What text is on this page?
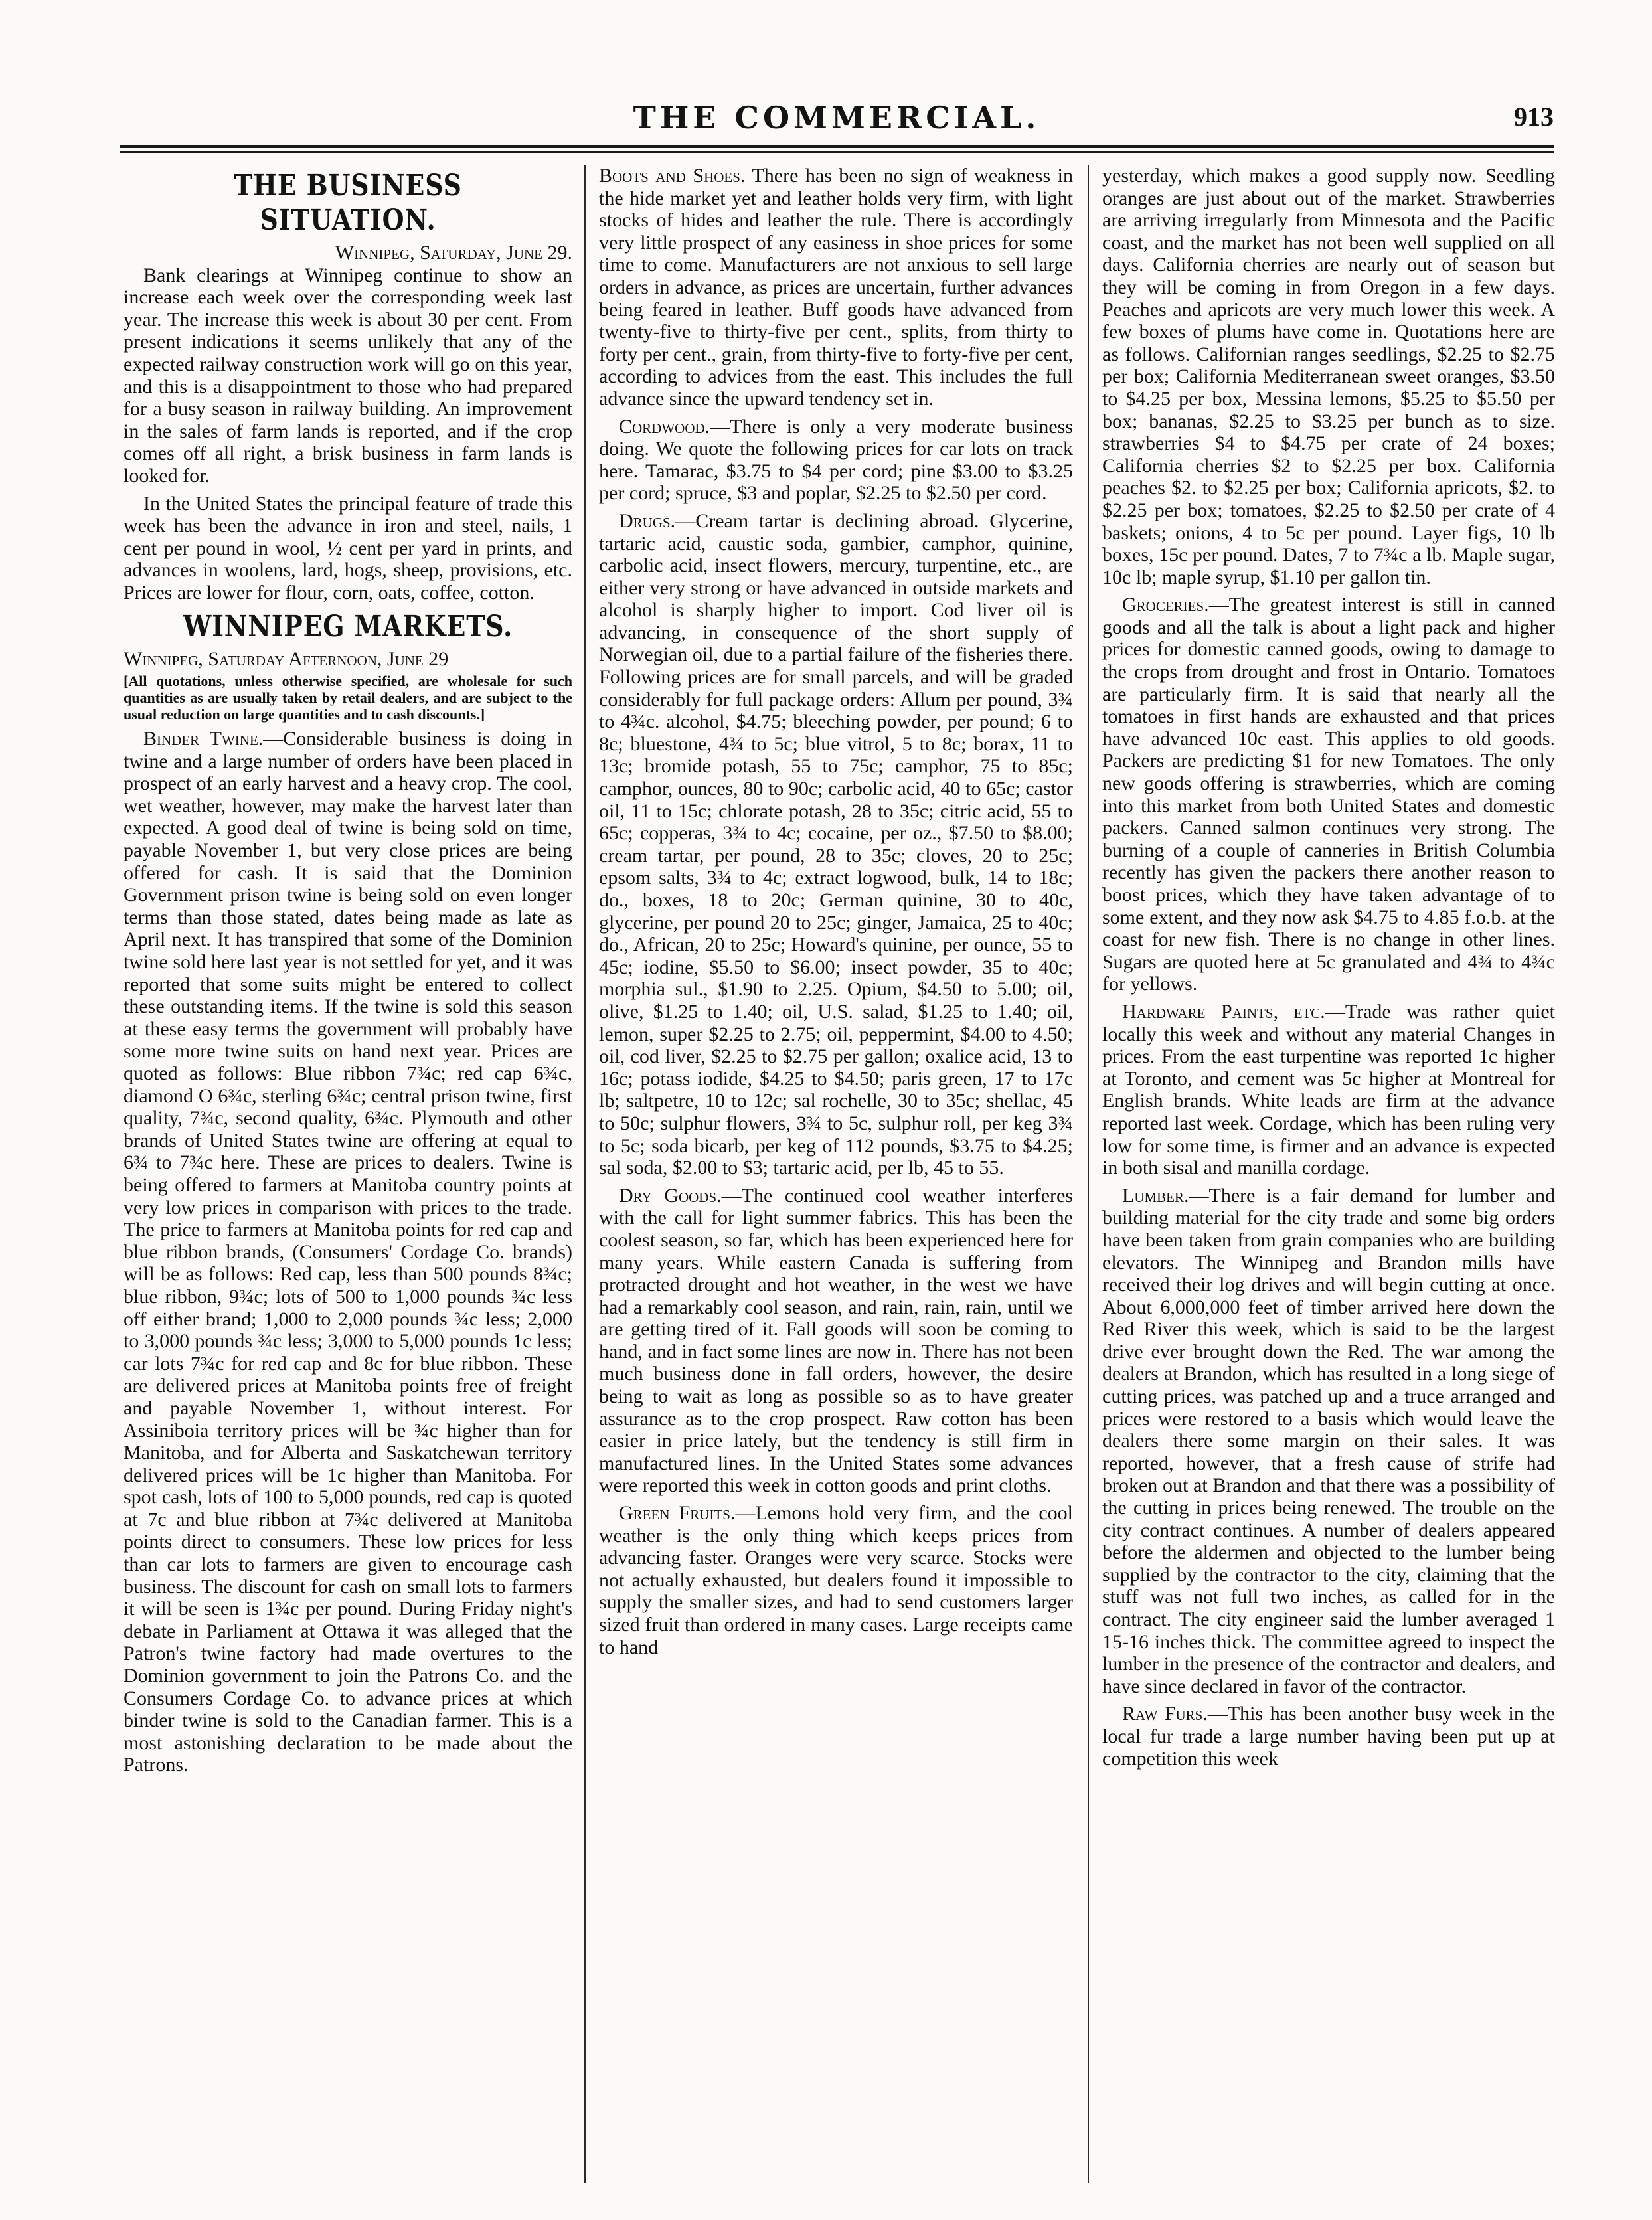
THE COMMERCIAL.	913
THE BUSINESS SITUATION.
Winnipeg, Saturday, June 29.

Bank clearings at Winnipeg continue to show an increase each week over the corresponding week last year. The increase this week is about 30 per cent. From present indications it seems unlikely that any of the expected railway construction work will go on this year, and this is a disappointment to those who had prepared for a busy season in railway building. An improvement in the sales of farm lands is reported, and if the crop comes off all right, a brisk business in farm lands is looked for.

In the United States the principal feature of trade this week has been the advance in iron and steel, nails, 1 cent per pound in wool, ½ cent per yard in prints, and advances in woolens, lard, hogs, sheep, provisions, etc. Prices are lower for flour, corn, oats, coffee, cotton.

WINNIPEG MARKETS.
Winnipeg, Saturday Afternoon, June 29
[All quotations, unless otherwise specified, are wholesale for such quantities as are usually taken by retail dealers, and are subject to the usual reduction on large quantities and to cash discounts.]

Binder Twine.—Considerable business is doing in twine and a large number of orders have been placed in prospect of an early harvest and a heavy crop. The cool, wet weather, however, may make the harvest later than expected. A good deal of twine is being sold on time, payable November 1, but very close prices are being offered for cash. It is said that the Dominion Government prison twine is being sold on even longer terms than those stated, dates being made as late as April next. It has transpired that some of the Dominion twine sold here last year is not settled for yet, and it was reported that some suits might be entered to collect these outstanding items. If the twine is sold this season at these easy terms the government will probably have some more twine suits on hand next year. Prices are quoted as follows: Blue ribbon 7¾c; red cap 6¾c, diamond O 6¾c, sterling 6¾c; central prison twine, first quality, 7¾c, second quality, 6¾c. Plymouth and other brands of United States twine are offering at equal to 6¾ to 7¾c here. These are prices to dealers. Twine is being offered to farmers at Manitoba country points at very low prices in comparison with prices to the trade. The price to farmers at Manitoba points for red cap and blue ribbon brands, (Consumers' Cordage Co. brands) will be as follows: Red cap, less than 500 pounds 8¾c; blue ribbon, 9¾c; lots of 500 to 1,000 pounds ¾c less off either brand; 1,000 to 2,000 pounds ¾c less; 2,000 to 3,000 pounds ¾c less; 3,000 to 5,000 pounds 1c less; car lots 7¾c for red cap and 8c for blue ribbon. These are delivered prices at Manitoba points free of freight and payable November 1, without interest. For Assiniboia territory prices will be ¾c higher than for Manitoba, and for Alberta and Saskatchewan territory delivered prices will be 1c higher than Manitoba. For spot cash, lots of 100 to 5,000 pounds, red cap is quoted at 7c and blue ribbon at 7¾c delivered at Manitoba points direct to consumers. These low prices for less than car lots to farmers are given to encourage cash business. The discount for cash on small lots to farmers it will be seen is 1¾c per pound. During Friday night's debate in Parliament at Ottawa it was alleged that the Patron's twine factory had made overtures to the Dominion government to join the Patrons Co. and the Consumers Cordage Co. to advance prices at which binder twine is sold to the Canadian farmer. This is a most astonishing declaration to be made about the Patrons.

Boots and Shoes. There has been no sign of weakness in the hide market yet and leather holds very firm, with light stocks of hides and leather the rule. There is accordingly very little prospect of any easiness in shoe prices for some time to come. Manufacturers are not anxious to sell large orders in advance, as prices are uncertain, further advances being feared in leather. Buff goods have advanced from twenty-five to thirty-five per cent., splits, from thirty to forty per cent., grain, from thirty-five to forty-five per cent, according to advices from the east. This includes the full advance since the upward tendency set in.

Cordwood.—There is only a very moderate business doing. We quote the following prices for car lots on track here. Tamarac, $3.75 to $4 per cord; pine $3.00 to $3.25 per cord; spruce, $3 and poplar, $2.25 to $2.50 per cord.

Drugs.—Cream tartar is declining abroad. Glycerine, tartaric acid, caustic soda, gambier, camphor, quinine, carbolic acid, insect flowers, mercury, turpentine, etc., are either very strong or have advanced in outside markets and alcohol is sharply higher to import. Cod liver oil is advancing, in consequence of the short supply of Norwegian oil, due to a partial failure of the fisheries there. Following prices are for small parcels, and will be graded considerably for full package orders: Allum per pound, 3¾ to 4¾c. alcohol, $4.75; bleeching powder, per pound; 6 to 8c; bluestone, 4¾ to 5c; blue vitrol, 5 to 8c; borax, 11 to 13c; bromide potash, 55 to 75c; camphor, 75 to 85c; camphor, ounces, 80 to 90c; carbolic acid, 40 to 65c; castor oil, 11 to 15c; chlorate potash, 28 to 35c; citric acid, 55 to 65c; copperas, 3¾ to 4c; cocaine, per oz., $7.50 to $8.00; cream tartar, per pound, 28 to 35c; cloves, 20 to 25c; epsom salts, 3¾ to 4c; extract logwood, bulk, 14 to 18c; do., boxes, 18 to 20c; German quinine, 30 to 40c, glycerine, per pound 20 to 25c; ginger, Jamaica, 25 to 40c; do., African, 20 to 25c; Howard's quinine, per ounce, 55 to 45c; iodine, $5.50 to $6.00; insect powder, 35 to 40c; morphia sul., $1.90 to 2.25. Opium, $4.50 to 5.00; oil, olive, $1.25 to 1.40; oil, U.S. salad, $1.25 to 1.40; oil, lemon, super $2.25 to 2.75; oil, peppermint, $4.00 to 4.50; oil, cod liver, $2.25 to $2.75 per gallon; oxalice acid, 13 to 16c; potass iodide, $4.25 to $4.50; paris green, 17 to 17c lb; saltpetre, 10 to 12c; sal rochelle, 30 to 35c; shellac, 45 to 50c; sulphur flowers, 3¾ to 5c, sulphur roll, per keg 3¾ to 5c; soda bicarb, per keg of 112 pounds, $3.75 to $4.25; sal soda, $2.00 to $3; tartaric acid, per lb, 45 to 55.

Dry Goods.—The continued cool weather interferes with the call for light summer fabrics. This has been the coolest season, so far, which has been experienced here for many years. While eastern Canada is suffering from protracted drought and hot weather, in the west we have had a remarkably cool season, and rain, rain, rain, until we are getting tired of it. Fall goods will soon be coming to hand, and in fact some lines are now in. There has not been much business done in fall orders, however, the desire being to wait as long as possible so as to have greater assurance as to the crop prospect. Raw cotton has been easier in price lately, but the tendency is still firm in manufactured lines. In the United States some advances were reported this week in cotton goods and print cloths.

Green Fruits.—Lemons hold very firm, and the cool weather is the only thing which keeps prices from advancing faster. Oranges were very scarce. Stocks were not actually exhausted, but dealers found it impossible to supply the smaller sizes, and had to send customers larger sized fruit than ordered in many cases. Large receipts came to hand

yesterday, which makes a good supply now. Seedling oranges are just about out of the market. Strawberries are arriving irregularly from Minnesota and the Pacific coast, and the market has not been well supplied on all days. California cherries are nearly out of season but they will be coming in from Oregon in a few days. Peaches and apricots are very much lower this week. A few boxes of plums have come in. Quotations here are as follows. Californian ranges seedlings, $2.25 to $2.75 per box; California Mediterranean sweet oranges, $3.50 to $4.25 per box, Messina lemons, $5.25 to $5.50 per box; bananas, $2.25 to $3.25 per bunch as to size. strawberries $4 to $4.75 per crate of 24 boxes; California cherries $2 to $2.25 per box. California peaches $2. to $2.25 per box; California apricots, $2. to $2.25 per box; tomatoes, $2.25 to $2.50 per crate of 4 baskets; onions, 4 to 5c per pound. Layer figs, 10 lb boxes, 15c per pound. Dates, 7 to 7¾c a lb. Maple sugar, 10c lb; maple syrup, $1.10 per gallon tin.

Groceries.—The greatest interest is still in canned goods and all the talk is about a light pack and higher prices for domestic canned goods, owing to damage to the crops from drought and frost in Ontario. Tomatoes are particularly firm. It is said that nearly all the tomatoes in first hands are exhausted and that prices have advanced 10c east. This applies to old goods. Packers are predicting $1 for new Tomatoes. The only new goods offering is strawberries, which are coming into this market from both United States and domestic packers. Canned salmon continues very strong. The burning of a couple of canneries in British Columbia recently has given the packers there another reason to boost prices, which they have taken advantage of to some extent, and they now ask $4.75 to 4.85 f.o.b. at the coast for new fish. There is no change in other lines. Sugars are quoted here at 5c granulated and 4¾ to 4¾c for yellows.

Hardware Paints, etc.—Trade was rather quiet locally this week and without any material Changes in prices. From the east turpentine was reported 1c higher at Toronto, and cement was 5c higher at Montreal for English brands. White leads are firm at the advance reported last week. Cordage, which has been ruling very low for some time, is firmer and an advance is expected in both sisal and manilla cordage.

Lumber.—There is a fair demand for lumber and building material for the city trade and some big orders have been taken from grain companies who are building elevators. The Winnipeg and Brandon mills have received their log drives and will begin cutting at once. About 6,000,000 feet of timber arrived here down the Red River this week, which is said to be the largest drive ever brought down the Red. The war among the dealers at Brandon, which has resulted in a long siege of cutting prices, was patched up and a truce arranged and prices were restored to a basis which would leave the dealers there some margin on their sales. It was reported, however, that a fresh cause of strife had broken out at Brandon and that there was a possibility of the cutting in prices being renewed. The trouble on the city contract continues. A number of dealers appeared before the aldermen and objected to the lumber being supplied by the contractor to the city, claiming that the stuff was not full two inches, as called for in the contract. The city engineer said the lumber averaged 1 15-16 inches thick. The committee agreed to inspect the lumber in the presence of the contractor and dealers, and have since declared in favor of the contractor.

Raw Furs.—This has been another busy week in the local fur trade a large number having been put up at competition this week
